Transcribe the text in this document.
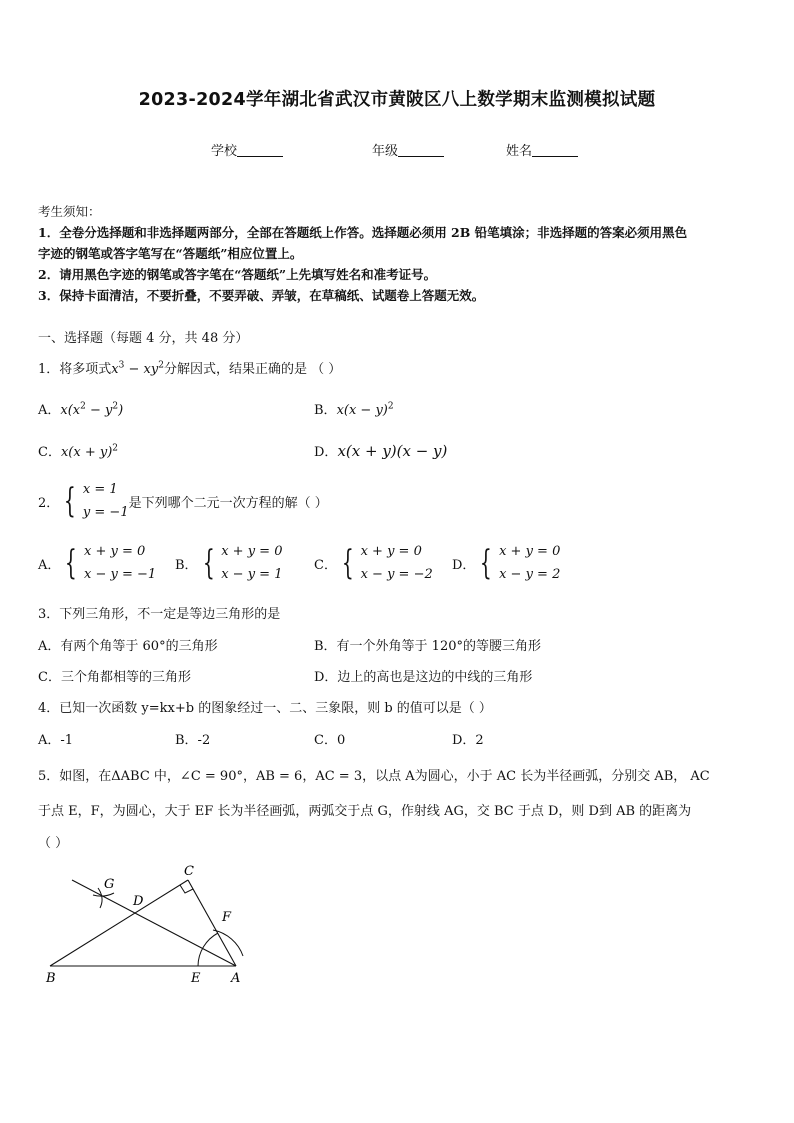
2023-2024学年湖北省武汉市黄陂区八上数学期末监测模拟试题
学校	年级	姓名
考生须知：
1．全卷分选择题和非选择题两部分，全部在答题纸上作答。选择题必须用 2B 铅笔填涂；非选择题的答案必须用黑色
字迹的钢笔或答字笔写在“答题纸”相应位置上。
2．请用黑色字迹的钢笔或答字笔在“答题纸”上先填写姓名和准考证号。
3．保持卡面清洁，不要折叠，不要弄破、弄皱，在草稿纸、试题卷上答题无效。
一、选择题（每题 4 分，共 48 分）
1．将多项式$x^3 - xy^2$分解因式，结果正确的是 （ ）
A．$x(x^2 - y^2)$	B．$x(x - y)^2$
C．$x(x + y)^2$	D．x(x + y)(x − y)
2． { x = 1
y = −1
是下列哪个二元一次方程的解（ ）
A． { x + y = 0
x − y = −1
B． { x + y = 0
x − y = 1
C． { x + y = 0
x − y = −2
D． { x + y = 0
x − y = 2
3．下列三角形，不一定是等边三角形的是
A．有两个角等于 60°的三角形	B．有一个外角等于 120°的等腰三角形
C．三个角都相等的三角形	D．边上的高也是这边的中线的三角形
4．已知一次函数 y=kx+b 的图象经过一、二、三象限，则 b 的值可以是（ ）
A．-1	B．-2	C．0	D．2
5．如图，在ΔABC 中，∠C = 90°，AB = 6，AC = 3，以点 A为圆心，小于 AC 长为半径画弧，分别交 AB， AC
于点 E，F，为圆心，大于 EF 长为半径画弧，两弧交于点 G，作射线 AG，交 BC 于点 D，则 D到 AB 的距离为
（ ）
G
C
D
F
B	E A
